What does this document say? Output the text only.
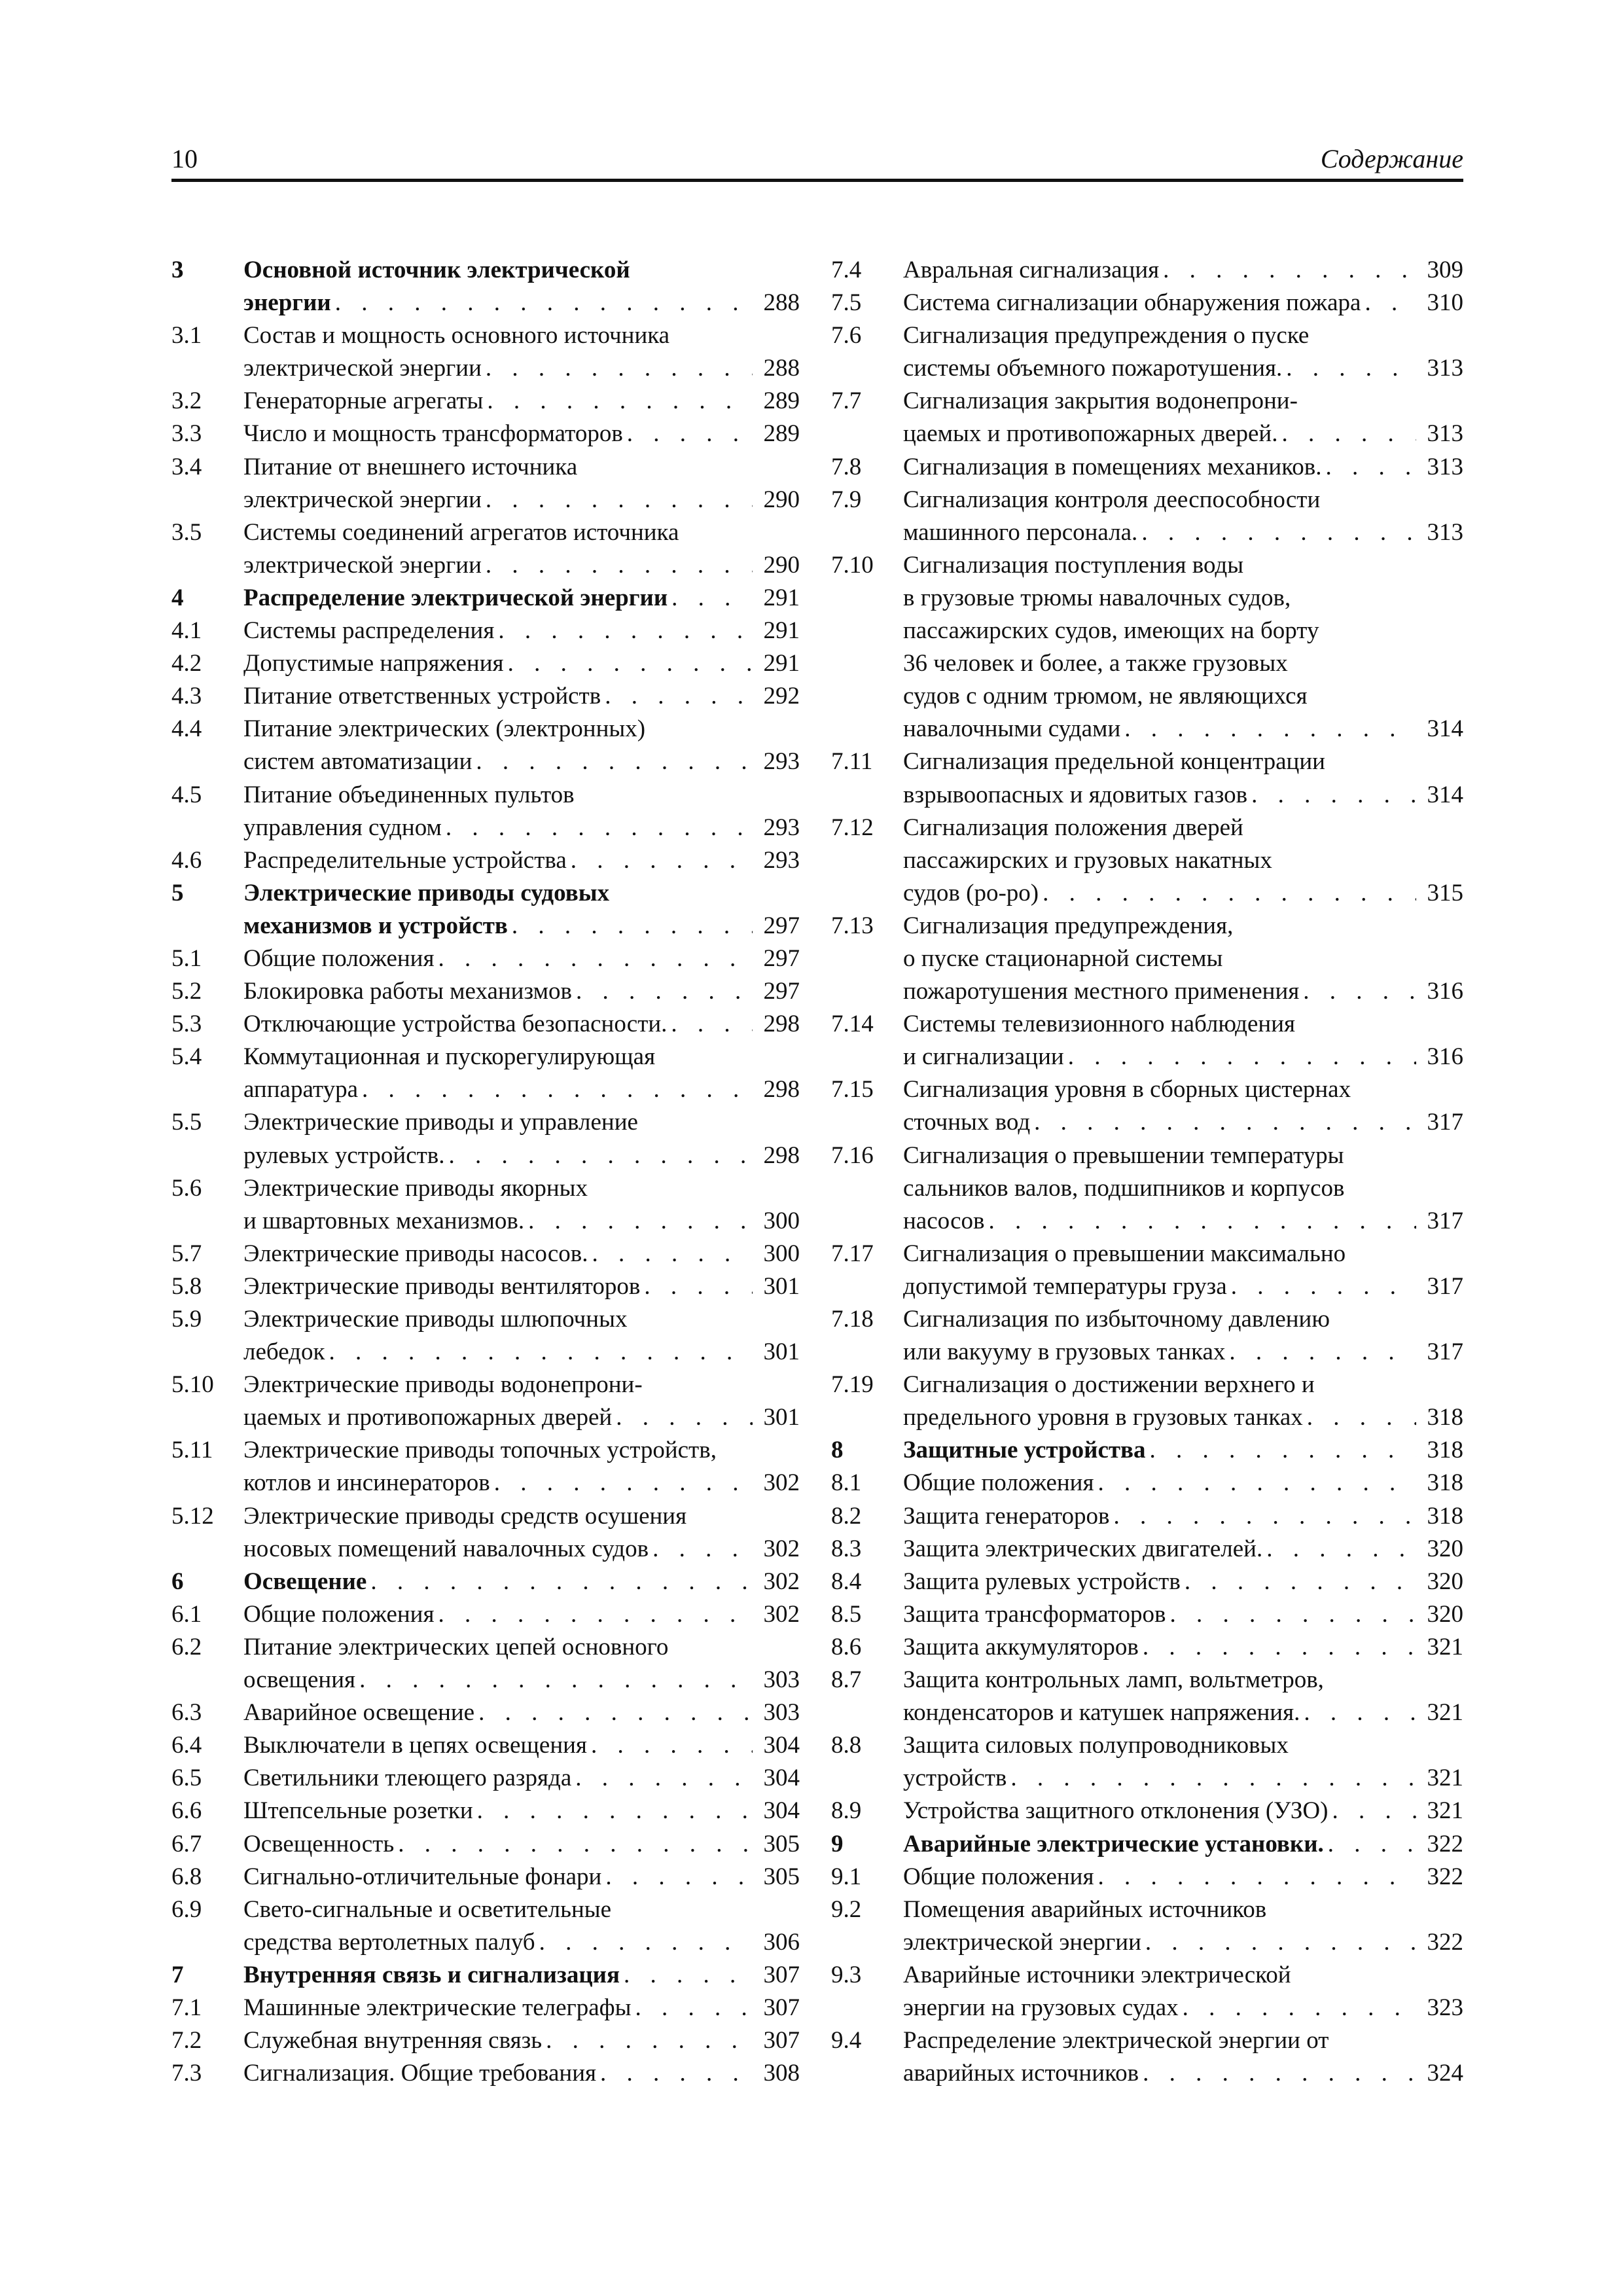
10	Содержание
3	Основной источник электрической
энергии . . .	288
3.1	Состав и мощность основного источника
электрической энергии . . .	288
3.2	Генераторные агрегаты . . .	289
3.3	Число и мощность трансформаторов . . .	289
3.4	Питание от внешнего источника
электрической энергии . . .	290
3.5	Системы соединений агрегатов источника
электрической энергии . . .	290
4	Распределение электрической энергии . . .	291
4.1	Системы распределения . . .	291
4.2	Допустимые напряжения . . .	291
4.3	Питание ответственных устройств . . .	292
4.4	Питание электрических (электронных)
систем автоматизации . . .	293
4.5	Питание объединенных пультов
управления судном . . .	293
4.6	Распределительные устройства . . .	293
5	Электрические приводы судовых
механизмов и устройств . . .	297
5.1	Общие положения . . .	297
5.2	Блокировка работы механизмов . . .	297
5.3	Отключающие устройства безопасности. . . .	298
5.4	Коммутационная и пускорегулирующая
аппаратура . . .	298
5.5	Электрические приводы и управление
рулевых устройств. . . .	298
5.6	Электрические приводы якорных
и швартовных механизмов. . . .	300
5.7	Электрические приводы насосов. . . .	300
5.8	Электрические приводы вентиляторов . . .	301
5.9	Электрические приводы шлюпочных
лебедок . . .	301
5.10	Электрические приводы водонепрони-
цаемых и противопожарных дверей . . .	301
5.11	Электрические приводы топочных устройств,
котлов и инсинераторов . . .	302
5.12	Электрические приводы средств осушения
носовых помещений навалочных судов . . .	302
6	Освещение . . .	302
6.1	Общие положения . . .	302
6.2	Питание электрических цепей основного
освещения . . .	303
6.3	Аварийное освещение . . .	303
6.4	Выключатели в цепях освещения . . .	304
6.5	Светильники тлеющего разряда . . .	304
6.6	Штепсельные розетки . . .	304
6.7	Освещенность . . .	305
6.8	Сигнально-отличительные фонари . . .	305
6.9	Свето-сигнальные и осветительные
средства вертолетных палуб . . .	306
7	Внутренняя связь и сигнализация . . .	307
7.1	Машинные электрические телеграфы . . .	307
7.2	Служебная внутренняя связь . . .	307
7.3	Сигнализация. Общие требования . . .	308
7.4	Авральная сигнализация . . .	309
7.5	Система сигнализации обнаружения пожара . . .	310
7.6	Сигнализация предупреждения о пуске
системы объемного пожаротушения. . . .	313
7.7	Сигнализация закрытия водонепрони-
цаемых и противопожарных дверей. . . .	313
7.8	Сигнализация в помещениях механиков. . . .	313
7.9	Сигнализация контроля дееспособности
машинного персонала. . . .	313
7.10	Сигнализация поступления воды
в грузовые трюмы навалочных судов,
пассажирских судов, имеющих на борту
36 человек и более, а также грузовых
судов с одним трюмом, не являющихся
навалочными судами . . .	314
7.11	Сигнализация предельной концентрации
взрывоопасных и ядовитых газов . . .	314
7.12	Сигнализация положения дверей
пассажирских и грузовых накатных
судов (ро-ро) . . .	315
7.13	Сигнализация предупреждения,
о пуске стационарной системы
пожаротушения местного применения . . .	316
7.14	Системы телевизионного наблюдения
и сигнализации . . .	316
7.15	Сигнализация уровня в сборных цистернах
сточных вод . . .	317
7.16	Сигнализация о превышении температуры
сальников валов, подшипников и корпусов
насосов . . .	317
7.17	Сигнализация о превышении максимально
допустимой температуры груза . . .	317
7.18	Сигнализация по избыточному давлению
или вакууму в грузовых танках . . .	317
7.19	Сигнализация о достижении верхнего и
предельного уровня в грузовых танках . . .	318
8	Защитные устройства . . .	318
8.1	Общие положения . . .	318
8.2	Защита генераторов . . .	318
8.3	Защита электрических двигателей. . . .	320
8.4	Защита рулевых устройств . . .	320
8.5	Защита трансформаторов . . .	320
8.6	Защита аккумуляторов . . .	321
8.7	Защита контрольных ламп, вольтметров,
конденсаторов и катушек напряжения. . . .	321
8.8	Защита силовых полупроводниковых
устройств . . .	321
8.9	Устройства защитного отклонения (УЗО) . . .	321
9	Аварийные электрические установки. . . .	322
9.1	Общие положения . . .	322
9.2	Помещения аварийных источников
электрической энергии . . .	322
9.3	Аварийные источники электрической
энергии на грузовых судах . . .	323
9.4	Распределение электрической энергии от
аварийных источников . . .	324
